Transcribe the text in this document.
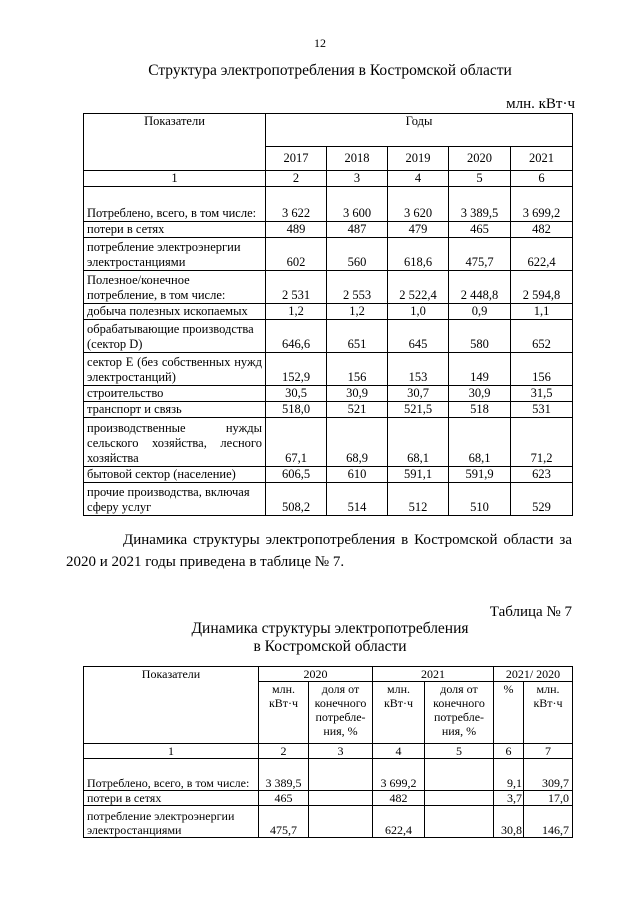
12
Структура электропотребления в Костромской области
млн. кВт·ч
Показатели	Годы				
	2017	2018	2019	2020	2021
1	2	3	4	5	6
Потреблено, всего, в том числе:	3 622	3 600	3 620	3 389,5	3 699,2
потери в сетях	489	487	479	465	482
потребление электроэнергии электростанциями	602	560	618,6	475,7	622,4
Полезное/конечное потребление, в том числе:	2 531	2 553	2 522,4	2 448,8	2 594,8
добыча полезных ископаемых	1,2	1,2	1,0	0,9	1,1
обрабатывающие производства (сектор D)	646,6	651	645	580	652
сектор E (без собственных нужд электростанций)	152,9	156	153	149	156
строительство	30,5	30,9	30,7	30,9	31,5
транспорт и связь	518,0	521	521,5	518	531
производственные нужды сельского хозяйства, лесного хозяйства	67,1	68,9	68,1	68,1	71,2
бытовой сектор (население)	606,5	610	591,1	591,9	623
прочие производства, включая сферу услуг	508,2	514	512	510	529
Динамика структуры электропотребления в Костромской области за 2020 и 2021 годы приведена в таблице № 7.
Таблица № 7
Динамика структуры электропотребления
в Костромской области
Показатели	2020		2021		2021/ 2020	
	млн. кВт·ч	доля от конечного потребле-ния, %	млн. кВт·ч	доля от конечного потребле-ния, %	%	млн. кВт·ч
1	2	3	4	5	6	7
Потреблено, всего, в том числе:	3 389,5		3 699,2		9,1	309,7
потери в сетях	465		482		3,7	17,0
потребление электроэнергии электростанциями	475,7		622,4		30,8	146,7
